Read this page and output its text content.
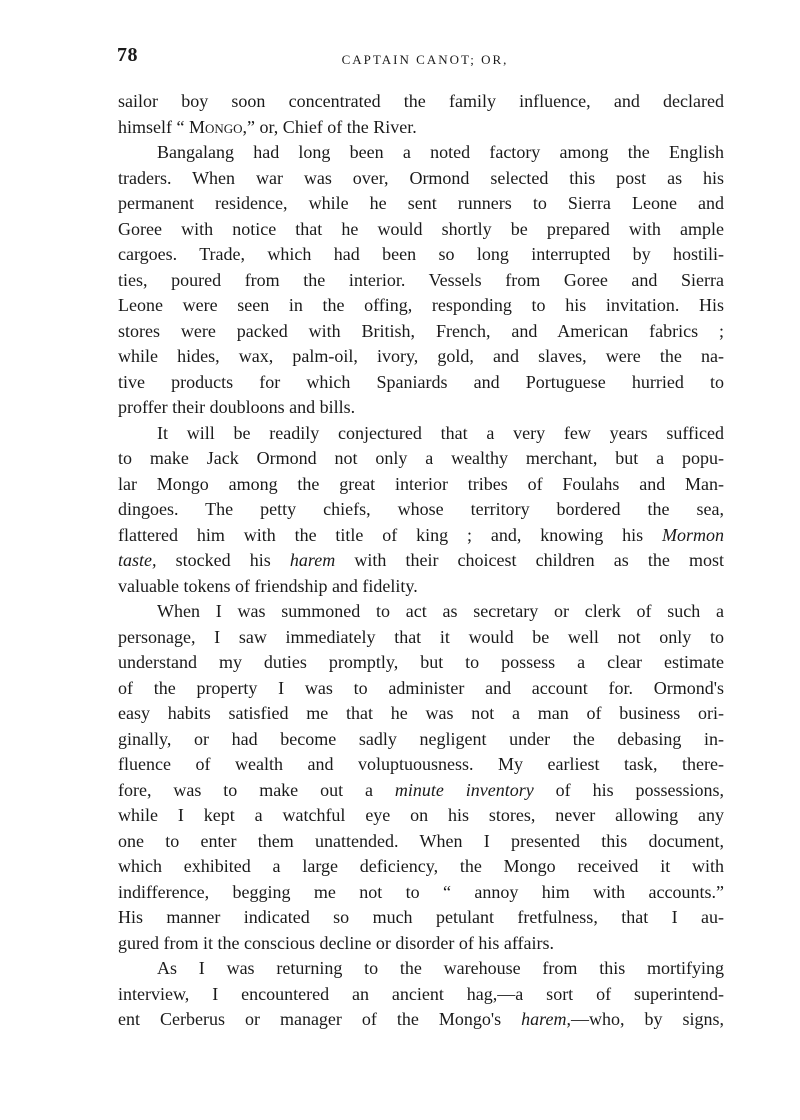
78	CAPTAIN CANOT; OR,
sailor boy soon concentrated the family influence, and declared
himself “ Mongo,” or, Chief of the River.
Bangalang had long been a noted factory among the English
traders. When war was over, Ormond selected this post as his
permanent residence, while he sent runners to Sierra Leone and
Goree with notice that he would shortly be prepared with ample
cargoes. Trade, which had been so long interrupted by hostili-
ties, poured from the interior. Vessels from Goree and Sierra
Leone were seen in the offing, responding to his invitation. His
stores were packed with British, French, and American fabrics ;
while hides, wax, palm-oil, ivory, gold, and slaves, were the na-
tive products for which Spaniards and Portuguese hurried to
proffer their doubloons and bills.
It will be readily conjectured that a very few years sufficed
to make Jack Ormond not only a wealthy merchant, but a popu-
lar Mongo among the great interior tribes of Foulahs and Man-
dingoes. The petty chiefs, whose territory bordered the sea,
flattered him with the title of king ; and, knowing his Mormon
taste, stocked his harem with their choicest children as the most
valuable tokens of friendship and fidelity.
When I was summoned to act as secretary or clerk of such a
personage, I saw immediately that it would be well not only to
understand my duties promptly, but to possess a clear estimate
of the property I was to administer and account for. Ormond's
easy habits satisfied me that he was not a man of business ori-
ginally, or had become sadly negligent under the debasing in-
fluence of wealth and voluptuousness. My earliest task, there-
fore, was to make out a minute inventory of his possessions,
while I kept a watchful eye on his stores, never allowing any
one to enter them unattended. When I presented this document,
which exhibited a large deficiency, the Mongo received it with
indifference, begging me not to “ annoy him with accounts.”
His manner indicated so much petulant fretfulness, that I au-
gured from it the conscious decline or disorder of his affairs.
As I was returning to the warehouse from this mortifying
interview, I encountered an ancient hag,—a sort of superintend-
ent Cerberus or manager of the Mongo's harem,—who, by signs,
